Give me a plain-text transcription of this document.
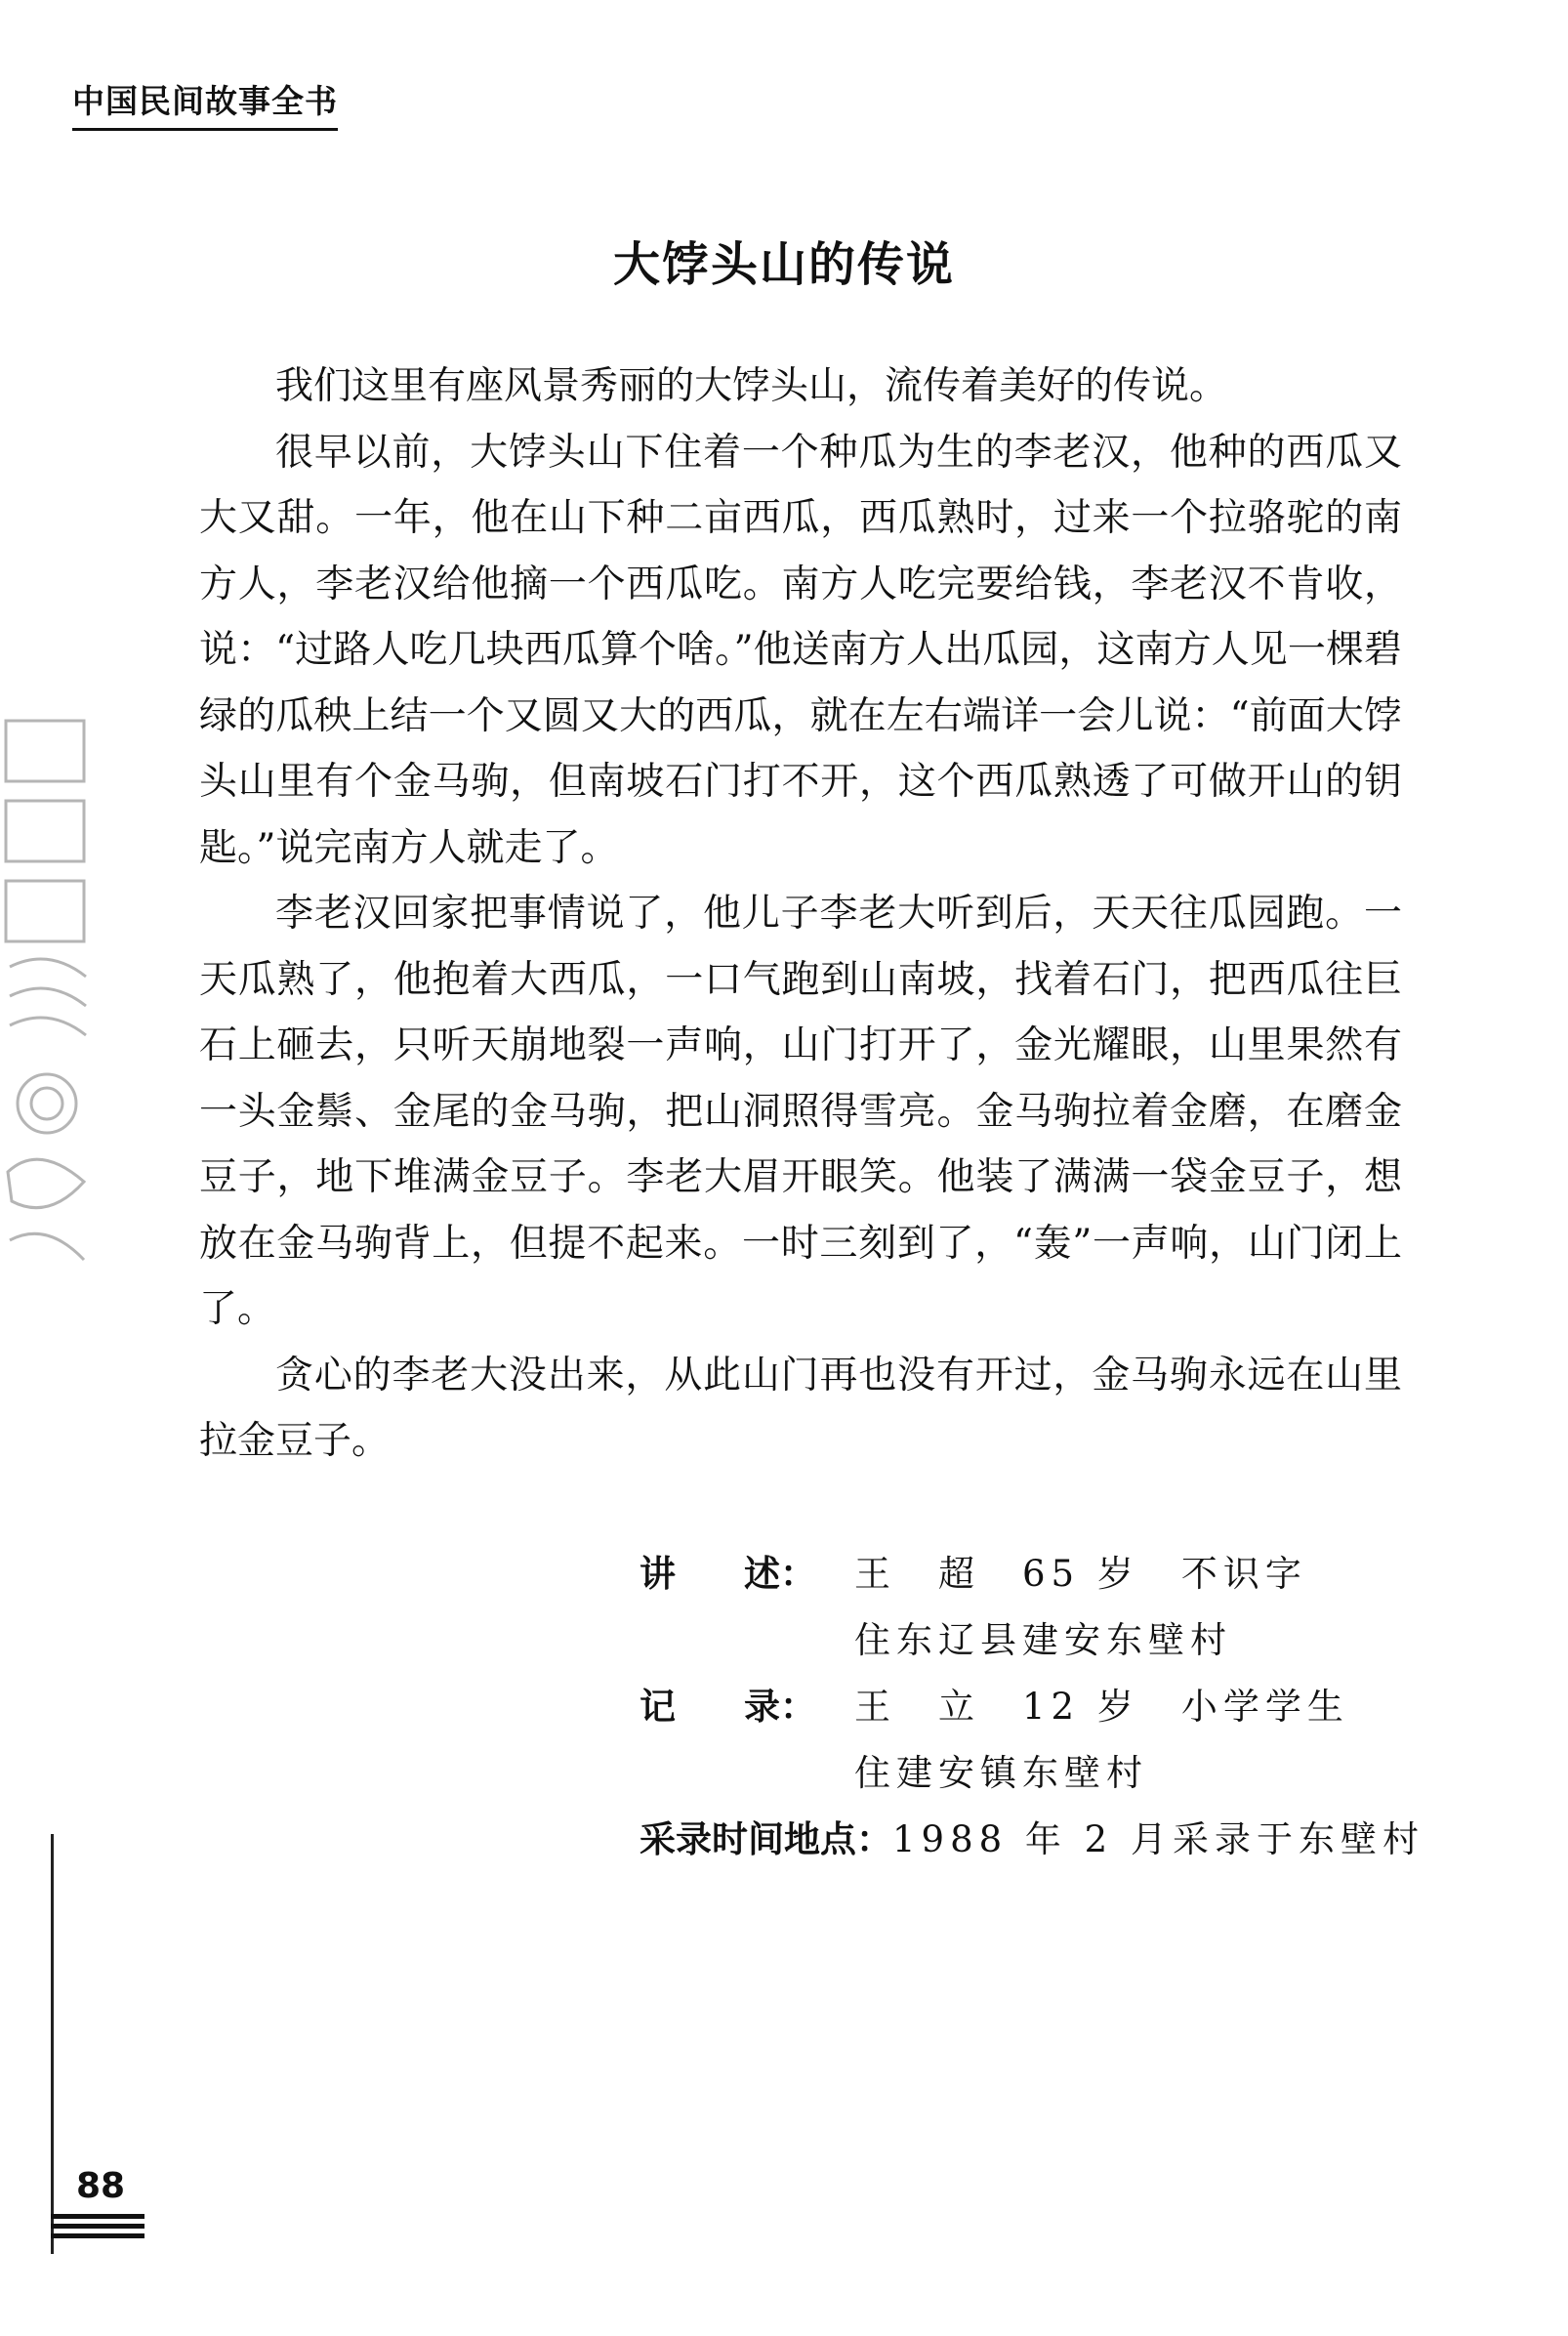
中国民间故事全书
大饽头山的传说

我们这里有座风景秀丽的大饽头山，流传着美好的传说。

很早以前，大饽头山下住着一个种瓜为生的李老汉，他种的西瓜又大又甜。一年，他在山下种二亩西瓜，西瓜熟时，过来一个拉骆驼的南方人，李老汉给他摘一个西瓜吃。南方人吃完要给钱，李老汉不肯收，说：“过路人吃几块西瓜算个啥。”他送南方人出瓜园，这南方人见一棵碧绿的瓜秧上结一个又圆又大的西瓜，就在左右端详一会儿说：“前面大饽头山里有个金马驹，但南坡石门打不开，这个西瓜熟透了可做开山的钥匙。”说完南方人就走了。

李老汉回家把事情说了，他儿子李老大听到后，天天往瓜园跑。一天瓜熟了，他抱着大西瓜，一口气跑到山南坡，找着石门，把西瓜往巨石上砸去，只听天崩地裂一声响，山门打开了，金光耀眼，山里果然有一头金鬃、金尾的金马驹，把山洞照得雪亮。金马驹拉着金磨，在磨金豆子，地下堆满金豆子。李老大眉开眼笑。他装了满满一袋金豆子，想放在金马驹背上，但提不起来。一时三刻到了，“轰”一声响，山门闭上了。

贪心的李老大没出来，从此山门再也没有开过，金马驹永远在山里拉金豆子。

讲 述：	王　超　65 岁　不识字
住东辽县建安东壁村
记 录：	王　立　12 岁　小学学生
住建安镇东壁村
采录时间地点： 1988 年 2 月采录于东壁村
88
